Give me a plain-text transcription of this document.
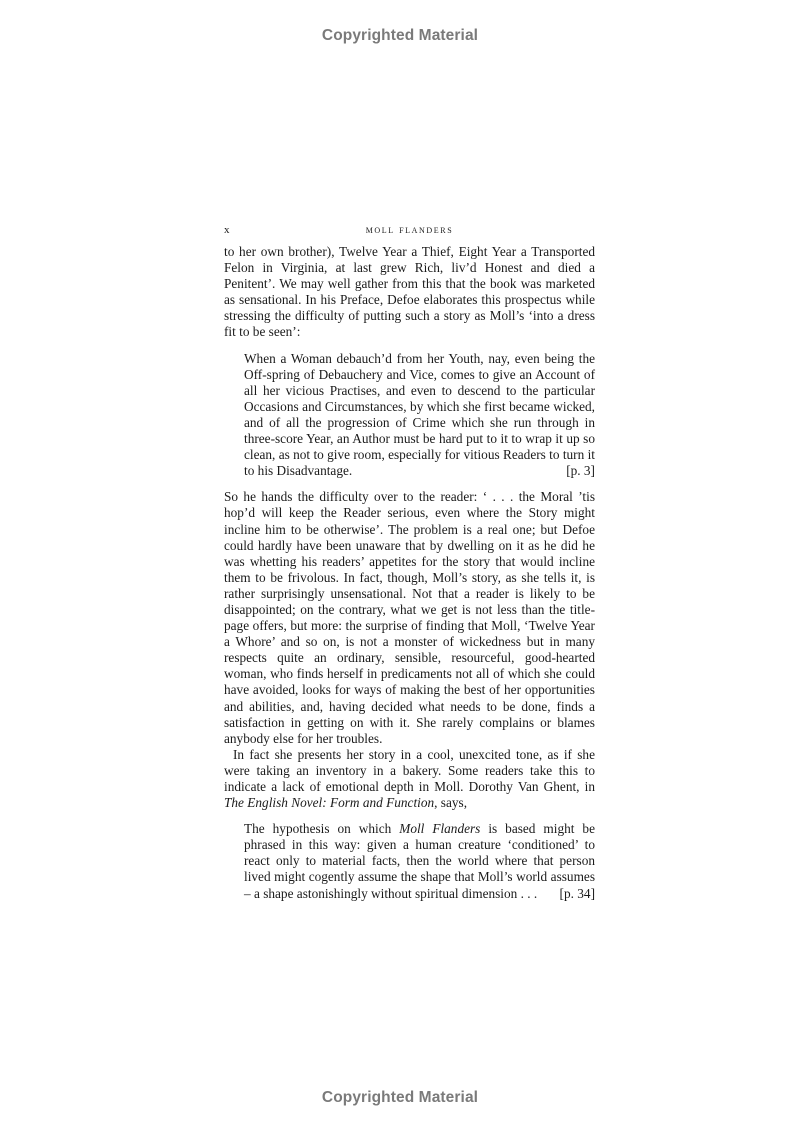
Copyrighted Material
x	moll flanders

to her own brother), Twelve Year a Thief, Eight Year a Transported Felon in Virginia, at last grew Rich, liv’d Honest and died a Penitent’. We may well gather from this that the book was marketed as sensational. In his Preface, Defoe elaborates this prospectus while stressing the difficulty of putting such a story as Moll’s ‘into a dress fit to be seen’:

When a Woman debauch’d from her Youth, nay, even being the Off-spring of Debauchery and Vice, comes to give an Account of all her vicious Practises, and even to descend to the particular Occasions and Circumstances, by which she first became wicked, and of all the progression of Crime which she run through in three-score Year, an Author must be hard put to it to wrap it up so clean, as not to give room, especially for vitious Readers to turn it to his Disadvantage.	[p. 3]

So he hands the difficulty over to the reader: ‘ . . . the Moral ’tis hop’d will keep the Reader serious, even where the Story might incline him to be otherwise’. The problem is a real one; but Defoe could hardly have been unaware that by dwelling on it as he did he was whetting his readers’ appetites for the story that would incline them to be frivolous. In fact, though, Moll’s story, as she tells it, is rather surprisingly unsensational. Not that a reader is likely to be disappointed; on the contrary, what we get is not less than the title-page offers, but more: the surprise of finding that Moll, ‘Twelve Year a Whore’ and so on, is not a monster of wickedness but in many respects quite an ordinary, sensible, resourceful, good-hearted woman, who finds herself in predicaments not all of which she could have avoided, looks for ways of making the best of her opportunities and abilities, and, having decided what needs to be done, finds a satisfaction in getting on with it. She rarely complains or blames anybody else for her troubles.

In fact she presents her story in a cool, unexcited tone, as if she were taking an inventory in a bakery. Some readers take this to indicate a lack of emotional depth in Moll. Dorothy Van Ghent, in The English Novel: Form and Function, says,

The hypothesis on which Moll Flanders is based might be phrased in this way: given a human creature ‘conditioned’ to react only to material facts, then the world where that person lived might cogently assume the shape that Moll’s world assumes – a shape astonishingly without spiritual dimension . . . [p. 34]

Copyrighted Material
